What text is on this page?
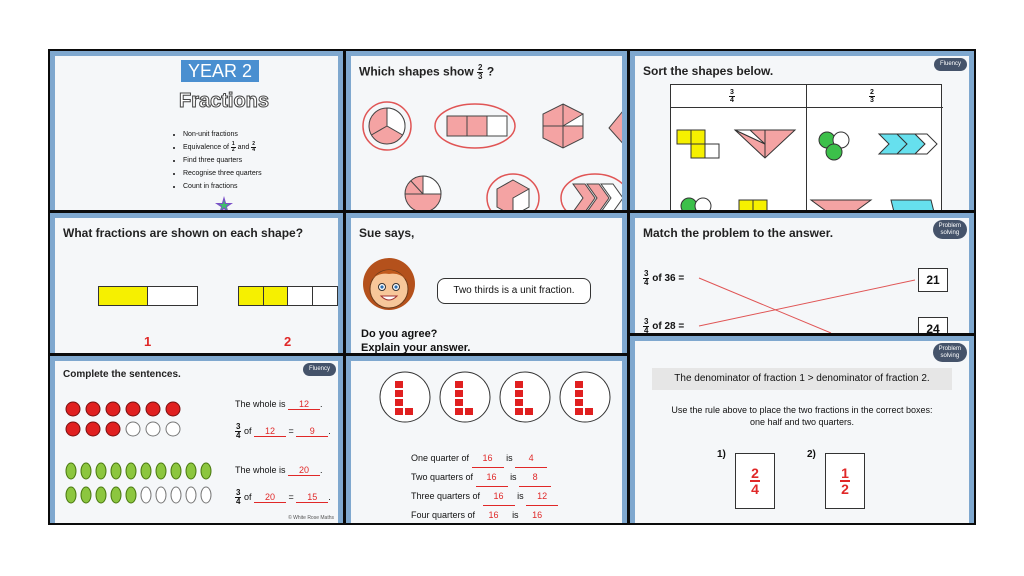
YEAR 2
Fractions
• Non-unit fractions
• Equivalence of $\frac{1}{2}$ and $\frac{2}{4}$
• Find three quarters
• Recognise three quarters
• Count in fractions
Which shapes show $\frac{2}{3}$ ?	Sort the shapes below.	Fluency
$\frac{3}{4}$	$\frac{2}{3}$
What fractions are shown on each shape?
1	2
Sue says,
Two thirds is a unit fraction.
Do you agree?
Explain your answer.
Match the problem to the answer.	Problem
solving
$\frac{3}{4}$ of 36 =
$\frac{3}{4}$ of 28 =
21
24
Complete the sentences.	Fluency
The whole is 12 .
$\frac{3}{4}$ of 12 = 9 .
The whole is 20 .
$\frac{3}{4}$ of 20 = 15 .
© White Rose Maths
One quarter of 16 is 4
Two quarters of 16 is 8
Three quarters of 16 is 12
Four quarters of 16 is 16
Problem
solving
The denominator of fraction 1 > denominator of fraction 2.
Use the rule above to place the two fractions in the correct boxes:
one half and two quarters.
1)
$\frac{2}{4}$
2)
$\frac{1}{2}$
